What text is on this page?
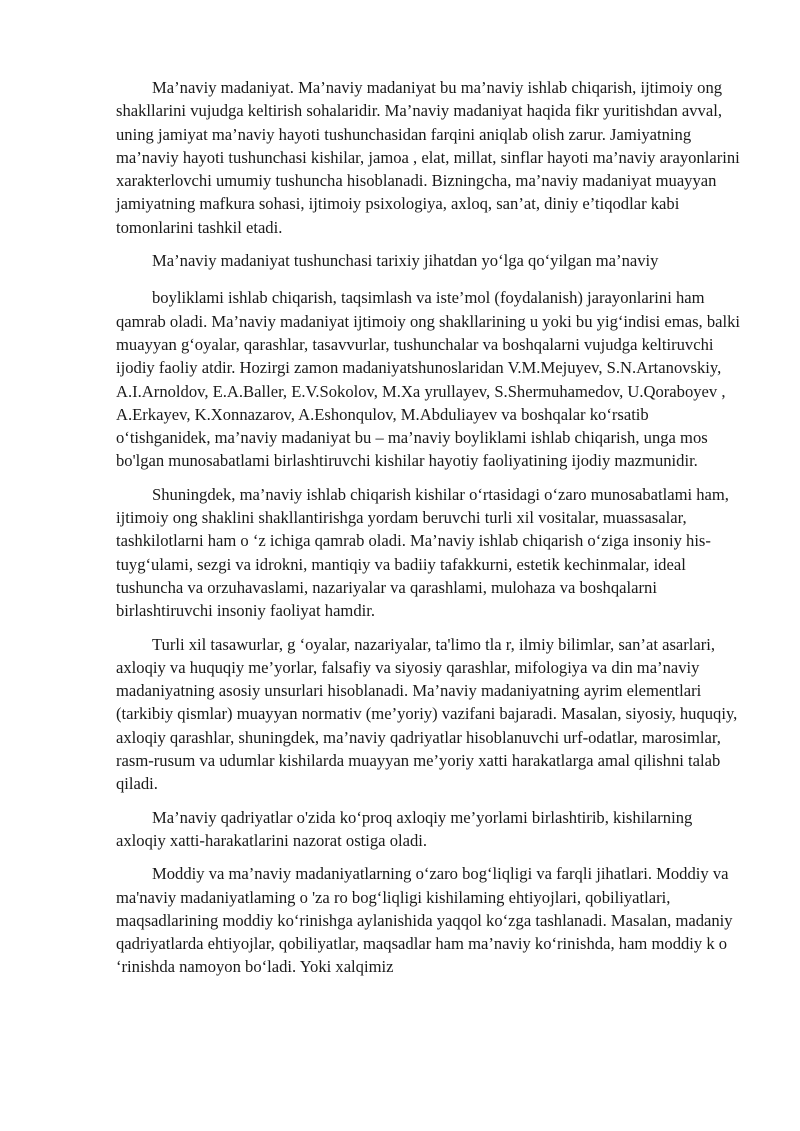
Ma’naviy madaniyat. Ma’naviy madaniyat bu ma’naviy ishlab chiqarish, ijtimoiy ong shakllarini vujudga keltirish sohalaridir. Ma’naviy madaniyat haqida fikr yuritishdan avval, uning jamiyat ma’naviy hayoti tushunchasidan farqini aniqlab olish zarur. Jamiyatning ma’naviy hayoti tushunchasi kishilar, jamoa , elat, millat, sinflar hayoti ma’naviy arayonlarini xarakterlovchi umumiy tushuncha hisoblanadi. Bizningcha, ma’naviy madaniyat muayyan jamiyatning mafkura sohasi, ijtimoiy psixologiya, axloq, san’at, diniy e’tiqodlar kabi tomonlarini tashkil etadi.

Ma’naviy madaniyat tushunchasi tarixiy jihatdan yo‘lga qo‘yilgan ma’naviy

boyliklami ishlab chiqarish, taqsimlash va iste’mol (foydalanish) jarayonlarini ham qamrab oladi. Ma’naviy madaniyat ijtimoiy ong shakllarining u yoki bu yig‘indisi emas, balki muayyan g‘oyalar, qarashlar, tasavvurlar, tushunchalar va boshqalarni vujudga keltiruvchi ijodiy faoliy atdir. Hozirgi zamon madaniyatshunoslaridan V.M.Mejuyev, S.N.Artanovskiy, A.I.Arnoldov, E.A.Baller, E.V.Sokolov, M.Xa yrullayev, S.Shermuhamedov, U.Qoraboyev , A.Erkayev, K.Xonnazarov, A.Eshonqulov, M.Abduliayev va boshqalar ko‘rsatib o‘tishganidek, ma’naviy madaniyat bu – ma’naviy boyliklami ishlab chiqarish, unga mos bo'lgan munosabatlami birlashtiruvchi kishilar hayotiy faoliyatining ijodiy mazmunidir.

Shuningdek, ma’naviy ishlab chiqarish kishilar o‘rtasidagi o‘zaro munosabatlami ham, ijtimoiy ong shaklini shakllantirishga yordam beruvchi turli xil vositalar, muassasalar, tashkilotlarni ham o ‘z ichiga qamrab oladi. Ma’naviy ishlab chiqarish o‘ziga insoniy his-tuyg‘ulami, sezgi va idrokni, mantiqiy va badiiy tafakkurni, estetik kechinmalar, ideal tushuncha va orzuhavaslami, nazariyalar va qarashlami, mulohaza va boshqalarni birlashtiruvchi insoniy faoliyat hamdir.

Turli xil tasawurlar, g ‘oyalar, nazariyalar, ta'limo tla r, ilmiy bilimlar, san’at asarlari, axloqiy va huquqiy me’yorlar, falsafiy va siyosiy qarashlar, mifologiya va din ma’naviy madaniyatning asosiy unsurlari hisoblanadi. Ma’naviy madaniyatning ayrim elementlari (tarkibiy qismlar) muayyan normativ (me’yoriy) vazifani bajaradi. Masalan, siyosiy, huquqiy, axloqiy qarashlar, shuningdek, ma’naviy qadriyatlar hisoblanuvchi urf-odatlar, marosimlar, rasm-rusum va udumlar kishilarda muayyan me’yoriy xatti harakatlarga amal qilishni talab qiladi.

Ma’naviy qadriyatlar o'zida ko‘proq axloqiy me’yorlami birlashtirib, kishilarning axloqiy xatti-harakatlarini nazorat ostiga oladi.

Moddiy va ma’naviy madaniyatlarning o‘zaro bog‘liqligi va farqli jihatlari. Moddiy va ma'naviy madaniyatlaming o 'za ro bog‘liqligi kishilaming ehtiyojlari, qobiliyatlari, maqsadlarining moddiy ko‘rinishga aylanishida yaqqol ko‘zga tashlanadi. Masalan, madaniy qadriyatlarda ehtiyojlar, qobiliyatlar, maqsadlar ham ma’naviy ko‘rinishda, ham moddiy k o ‘rinishda namoyon bo‘ladi. Yoki xalqimiz
